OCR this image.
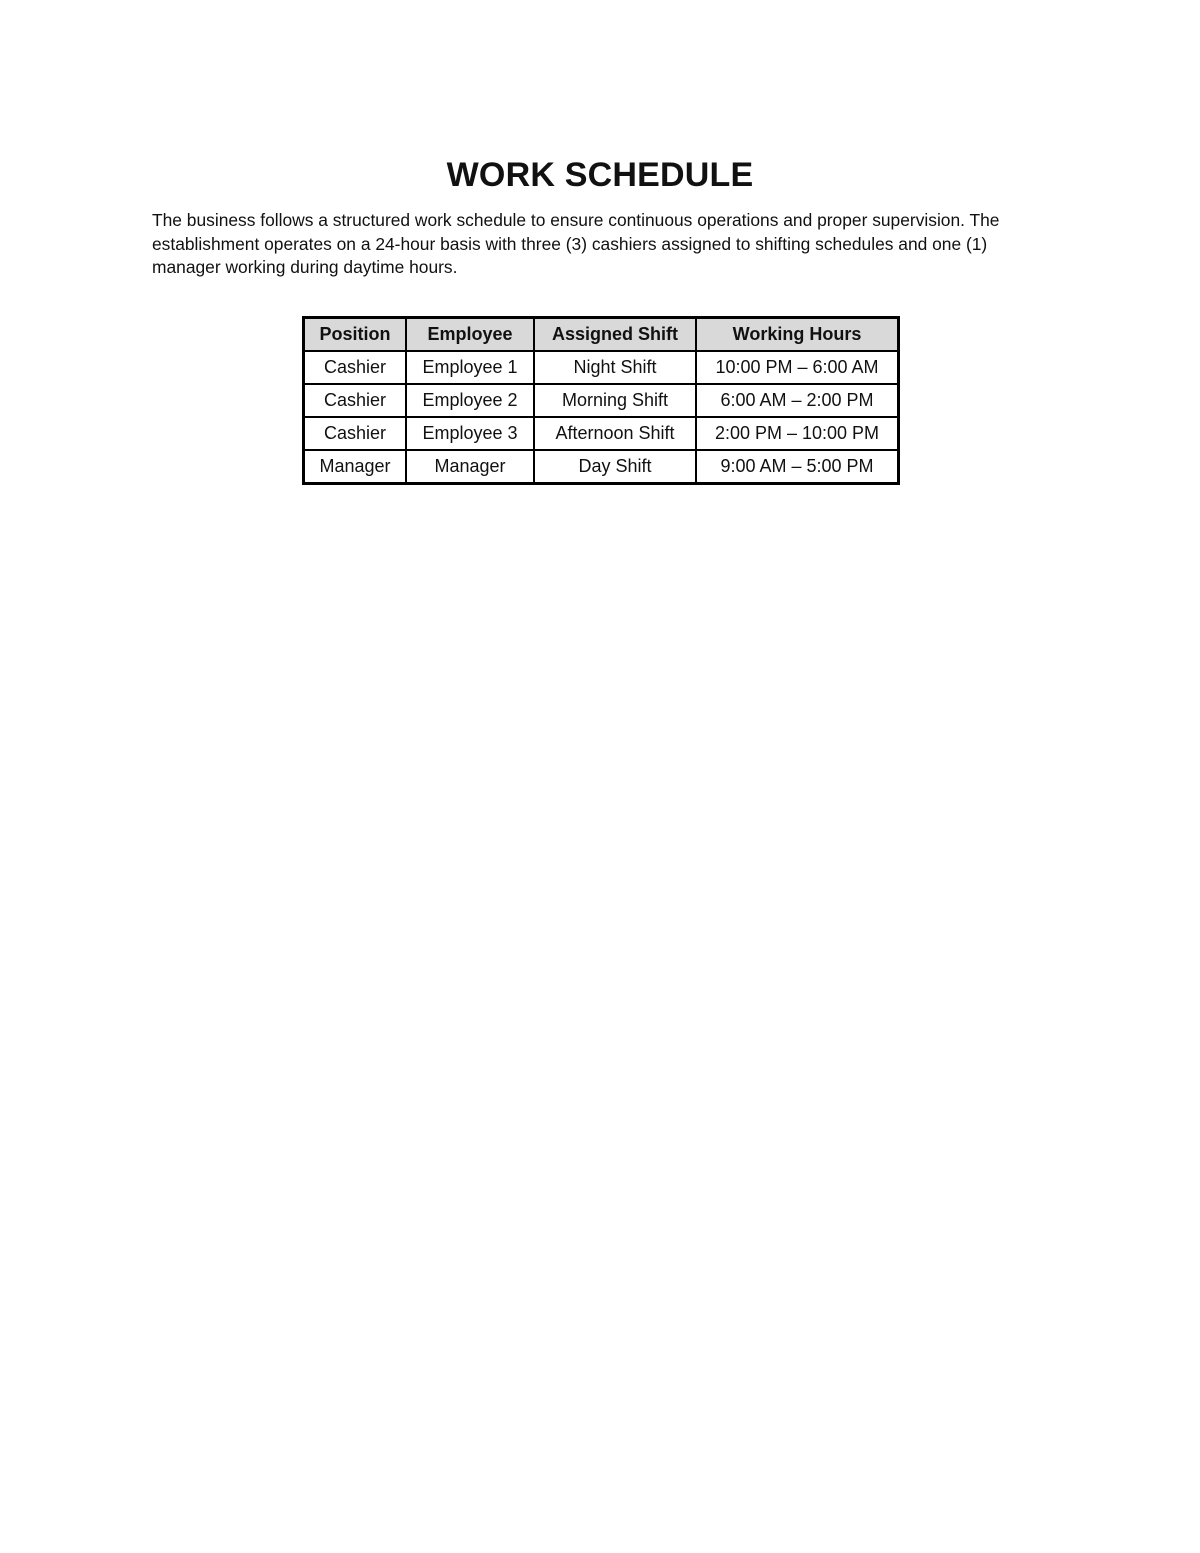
WORK SCHEDULE

The business follows a structured work schedule to ensure continuous operations and proper supervision. The establishment operates on a 24-hour basis with three (3) cashiers assigned to shifting schedules and one (1) manager working during daytime hours.

Position	Employee	Assigned Shift	Working Hours
Cashier	Employee 1	Night Shift	10:00 PM – 6:00 AM
Cashier	Employee 2	Morning Shift	6:00 AM – 2:00 PM
Cashier	Employee 3	Afternoon Shift	2:00 PM – 10:00 PM
Manager	Manager	Day Shift	9:00 AM – 5:00 PM
